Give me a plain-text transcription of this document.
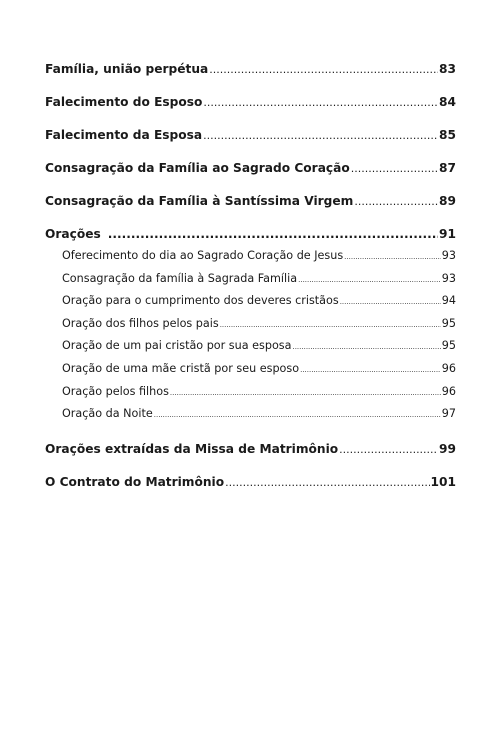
Família, união perpétua .....	83
Falecimento do Esposo .....	84
Falecimento da Esposa .....	85
Consagração da Família ao Sagrado Coração .....	87
Consagração da Família à Santíssima Virgem .....	89
Orações .....	91
Oferecimento do dia ao Sagrado Coração de Jesus .....	93
Consagração da família à Sagrada Família .....	93
Oração para o cumprimento dos deveres cristãos .....	94
Oração dos filhos pelos pais .....	95
Oração de um pai cristão por sua esposa .....	95
Oração de uma mãe cristã por seu esposo .....	96
Oração pelos filhos .....	96
Oração da Noite .....	97
Orações extraídas da Missa de Matrimônio .....	99
O Contrato do Matrimônio .....	101
